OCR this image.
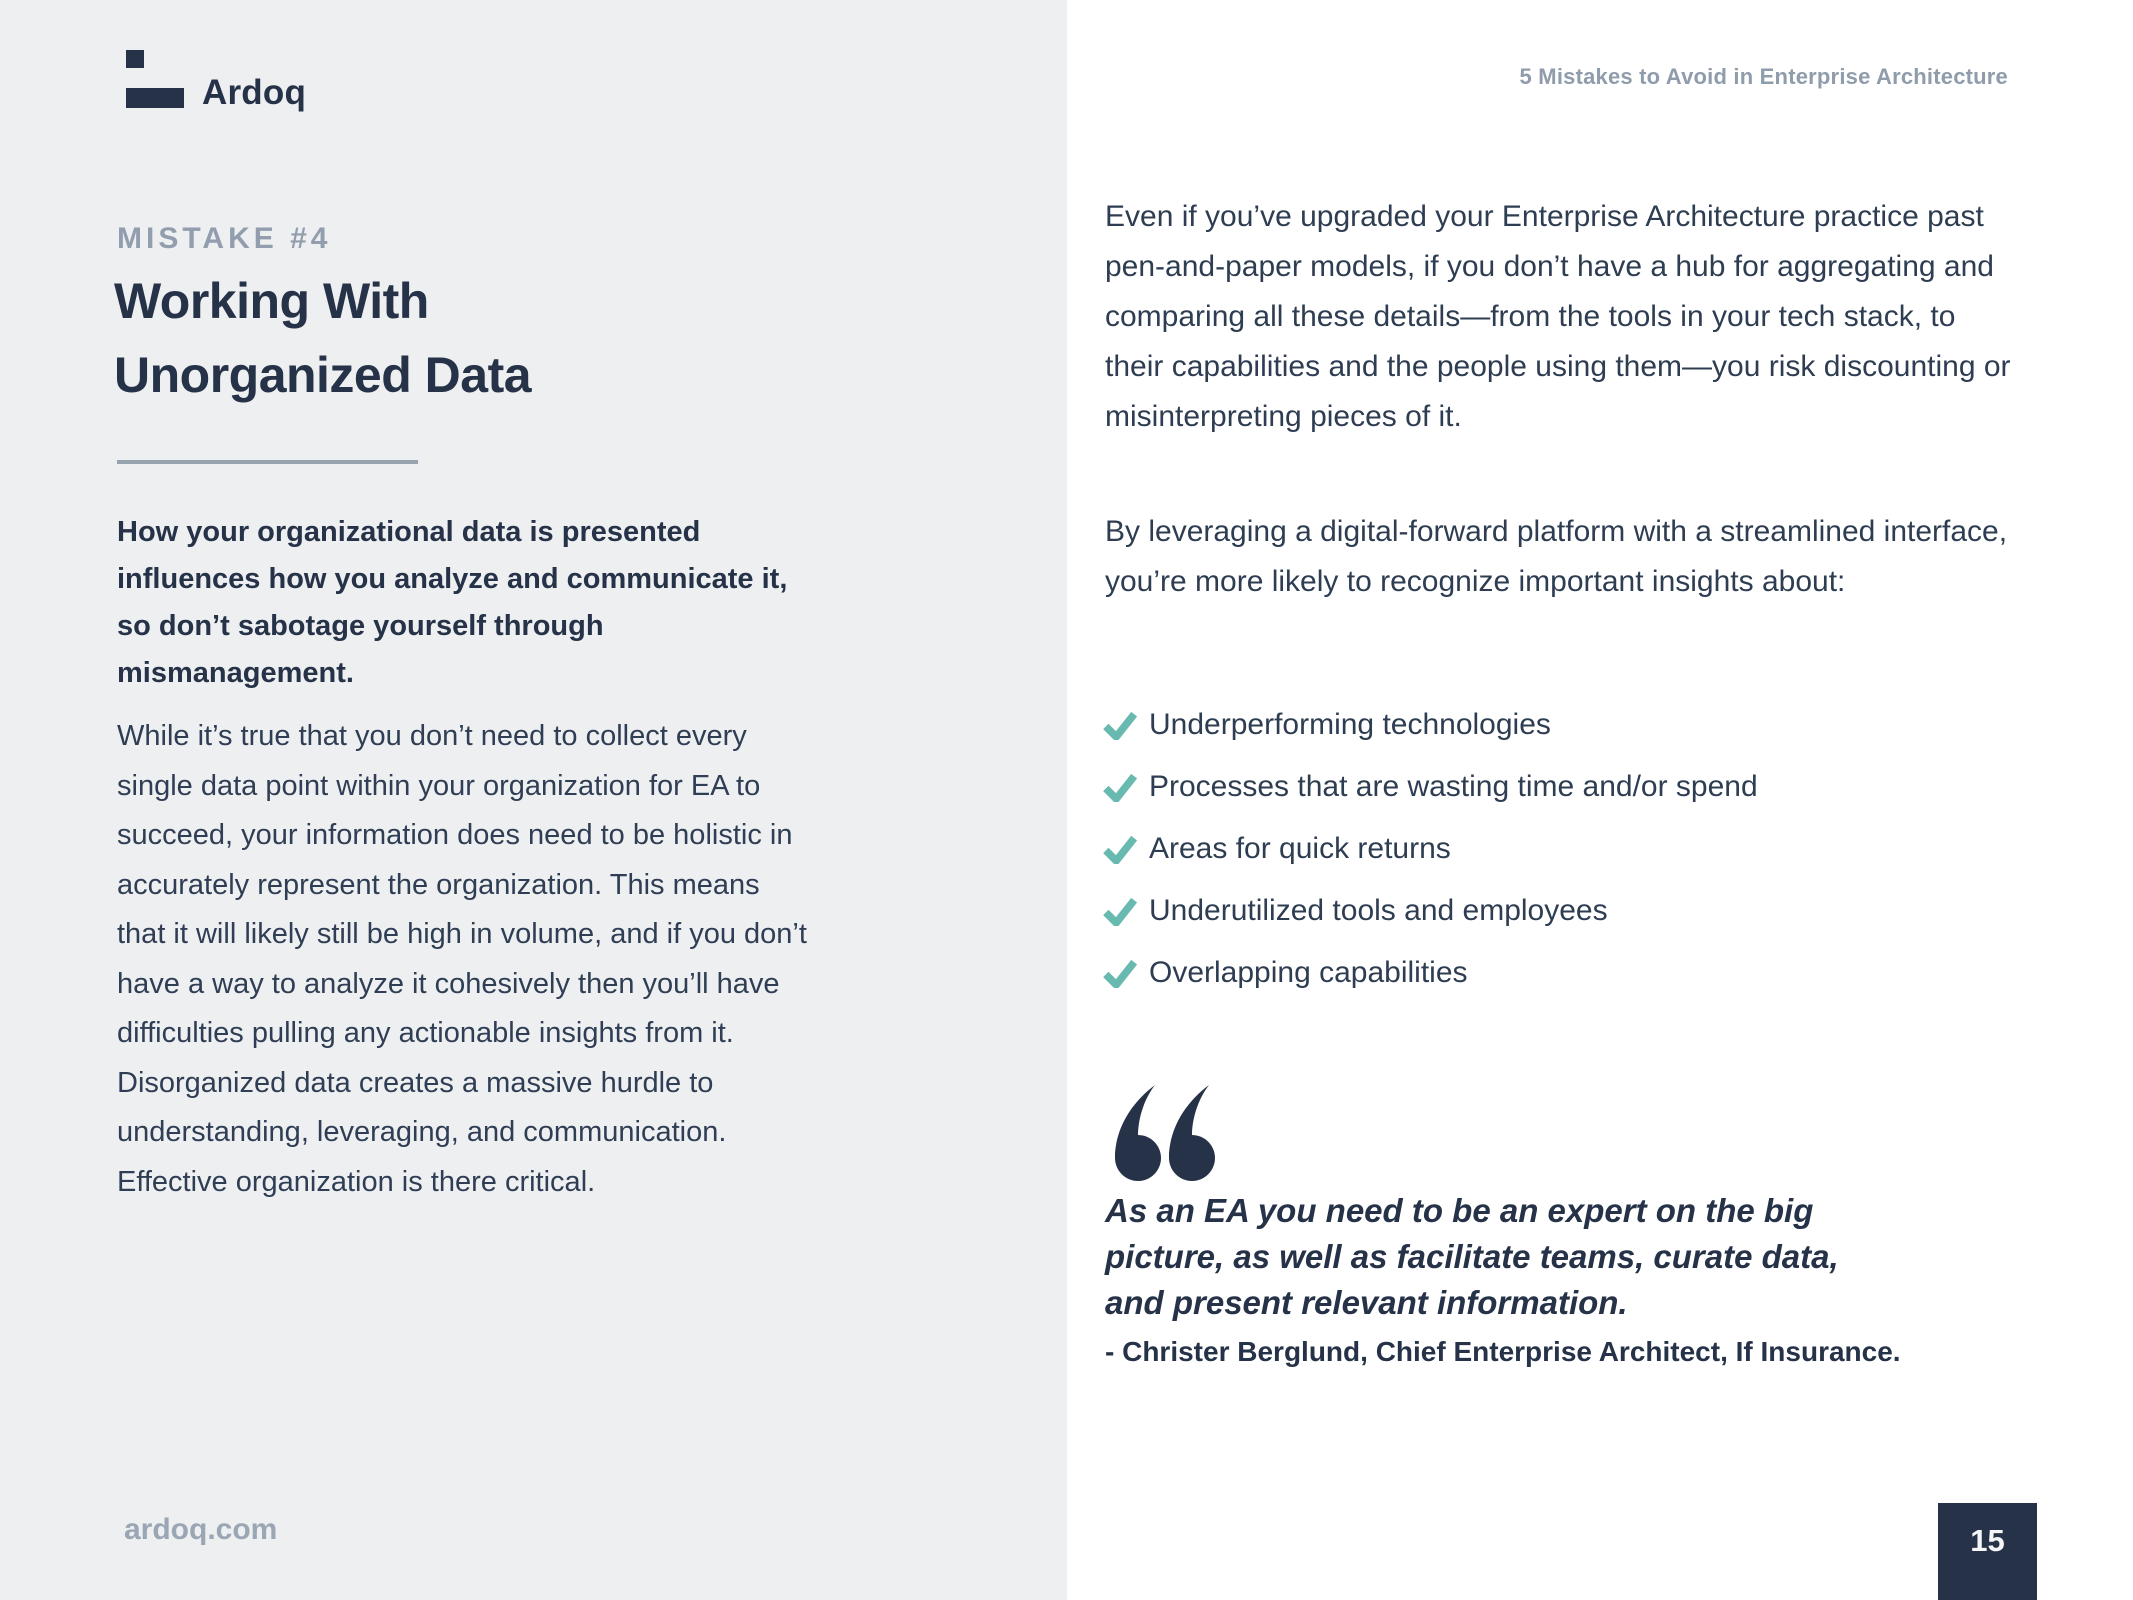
Ardoq
MISTAKE #4
Working With Unorganized Data

How your organizational data is presented influences how you analyze and communicate it, so don’t sabotage yourself through mismanagement.

While it’s true that you don’t need to collect every single data point within your organization for EA to succeed, your information does need to be holistic in accurately represent the organization. This means that it will likely still be high in volume, and if you don’t have a way to analyze it cohesively then you’ll have difficulties pulling any actionable insights from it. Disorganized data creates a massive hurdle to understanding, leveraging, and communication. Effective organization is there critical.

ardoq.com
5 Mistakes to Avoid in Enterprise Architecture

Even if you’ve upgraded your Enterprise Architecture practice past pen-and-paper models, if you don’t have a hub for aggregating and comparing all these details—from the tools in your tech stack, to their capabilities and the people using them—you risk discounting or misinterpreting pieces of it.

By leveraging a digital-forward platform with a streamlined interface, you’re more likely to recognize important insights about:

Underperforming technologies
Processes that are wasting time and/or spend
Areas for quick returns
Underutilized tools and employees
Overlapping capabilities
As an EA you need to be an expert on the big
picture, as well as facilitate teams, curate data,
and present relevant information.
- Christer Berglund, Chief Enterprise Architect, If Insurance.
15
